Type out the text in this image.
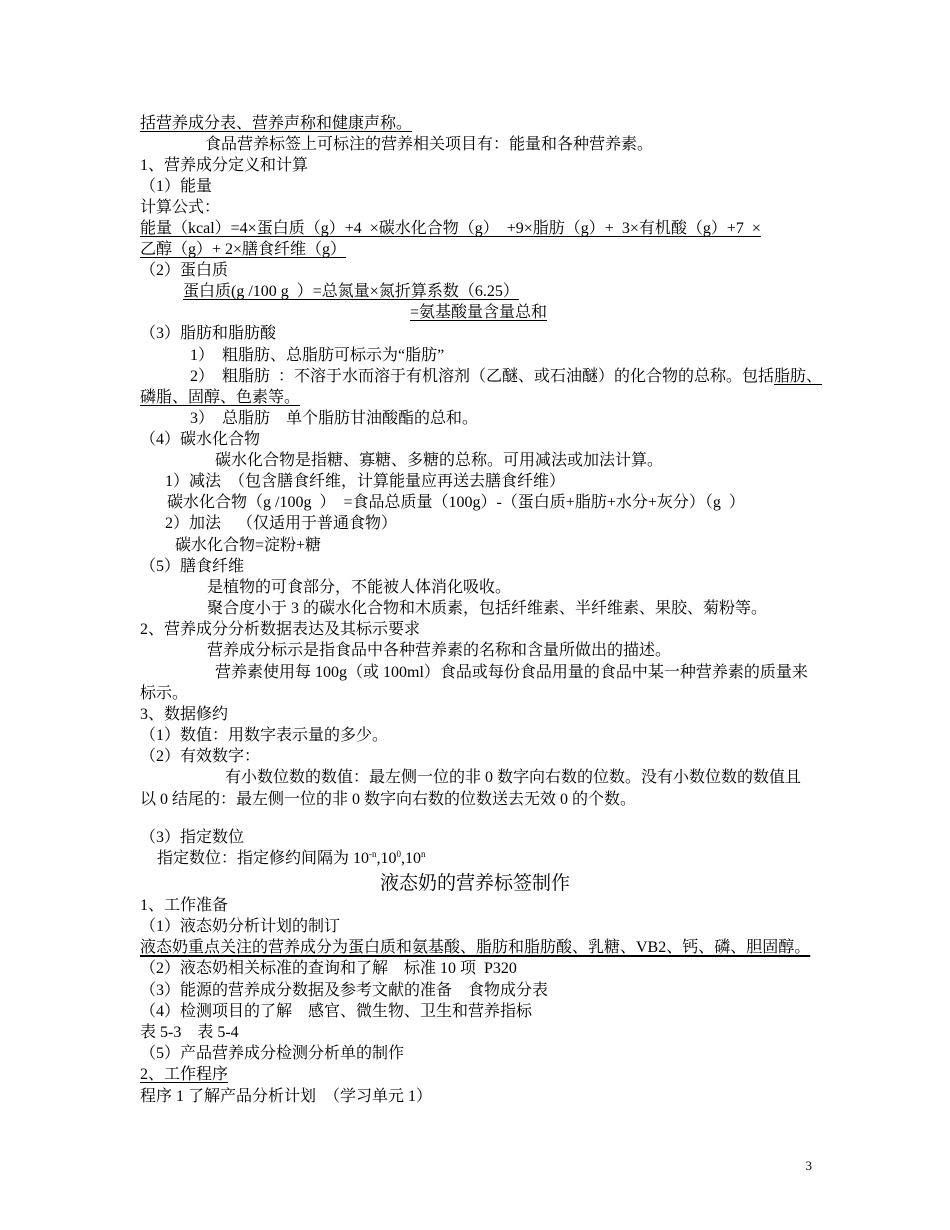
括营养成分表、营养声称和健康声称。
食品营养标签上可标注的营养相关项目有：能量和各种营养素。
1、营养成分定义和计算
（1）能量
计算公式：
能量（kcal）=4×蛋白质（g）+4  ×碳水化合物（g）  +9×脂肪（g）+  3×有机酸（g）+7  ×
乙醇（g）+ 2×膳食纤维（g）
（2）蛋白质
蛋白质(g /100 g  ）=总氮量×氮折算系数（6.25）
=氨基酸量含量总和
（3）脂肪和脂肪酸
1）  粗脂肪、总脂肪可标示为“脂肪”
2）  粗脂肪  ：不溶于水而溶于有机溶剂（乙醚、或石油醚）的化合物的总称。包括脂肪、
磷脂、固醇、色素等。
3）  总脂肪    单个脂肪甘油酸酯的总和。
（4）碳水化合物
碳水化合物是指糖、寡糖、多糖的总称。可用减法或加法计算。
1）减法  （包含膳食纤维，计算能量应再送去膳食纤维）
碳水化合物（g /100g  ）  =食品总质量（100g）-（蛋白质+脂肪+水分+灰分）（g  ）
2）加法    （仅适用于普通食物）
碳水化合物=淀粉+糖
（5）膳食纤维
是植物的可食部分，不能被人体消化吸收。
聚合度小于 3 的碳水化合物和木质素，包括纤维素、半纤维素、果胶、菊粉等。
2、营养成分分析数据表达及其标示要求
营养成分标示是指食品中各种营养素的名称和含量所做出的描述。
营养素使用每 100g（或 100ml）食品或每份食品用量的食品中某一种营养素的质量来
标示。
3、数据修约
（1）数值：用数字表示量的多少。
（2）有效数字：
有小数位数的数值：最左侧一位的非 0 数字向右数的位数。没有小数位数的数值且
以 0 结尾的：最左侧一位的非 0 数字向右数的位数送去无效 0 的个数。
（3）指定数位
指定数位：指定修约间隔为 $10^{-n},10^0,10^n$
液态奶的营养标签制作
1、工作准备
（1）液态奶分析计划的制订
液态奶重点关注的营养成分为蛋白质和氨基酸、脂肪和脂肪酸、乳糖、VB2、钙、磷、胆固醇。
（2）液态奶相关标准的查询和了解    标准 10 项  P320
（3）能源的营养成分数据及参考文献的准备    食物成分表
（4）检测项目的了解    感官、微生物、卫生和营养指标
表 5-3    表 5-4
（5）产品营养成分检测分析单的制作
2、工作程序
程序 1 了解产品分析计划  （学习单元 1）
3
